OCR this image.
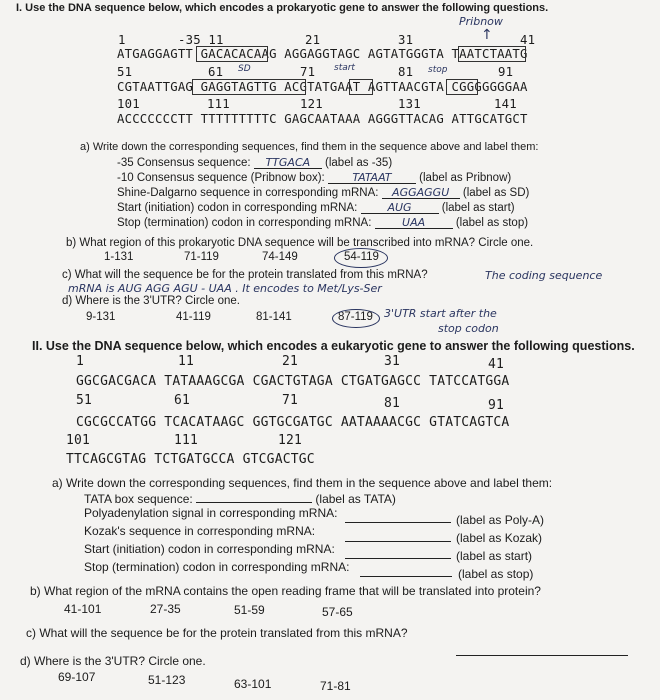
I. Use the DNA sequence below, which encodes a prokaryotic gene to answer the following questions.
Pribnow
1	-35 11	21	31	41
↑
ATGAGGAGTT GACACACAAG AGGAGGTAGC AGTATGGGTA TAATCTAATG
51	61	71	81	91
SD	start	stop
CGTAATTGAG GAGGTAGTTG ACGTATGAAT AGTTAACGTA CGGGGGGGAA
101	111	121	131	141
ACCCCCCCTT TTTTTTTTTC GAGCAATAAA AGGGTTACAG ATTGCATGCT
a) Write down the corresponding sequences, find them in the sequence above and label them:
-35 Consensus sequence: TTGACA (label as -35)
-10 Consensus sequence (Pribnow box):	TATAAT (label as Pribnow)
Shine-Dalgarno sequence in corresponding mRNA: AGGAGGU (label as SD)
Start (initiation) codon in corresponding mRNA:	AUG	(label as start)
Stop (termination) codon in corresponding mRNA:	UAA	(label as stop)
b) What region of this prokaryotic DNA sequence will be transcribed into mRNA? Circle one.
1-131	71-119	74-149	54-119
c) What will the sequence be for the protein translated from this mRNA?	The coding sequence
mRNA is AUG AGG AGU - UAA . It encodes to Met/Lys-Ser
d) Where is the 3'UTR? Circle one.
9-131	41-119	81-141	87-119 3'UTR start after the
stop codon
II. Use the DNA sequence below, which encodes a eukaryotic gene to answer the following questions.
1	11	21	31	41
GGCGACGACA TATAAAGCGA CGACTGTAGA CTGATGAGCC TATCCATGGA
51	61	71	81	91
CGCGCCATGG TCACATAAGC GGTGCGATGC AATAAAACGC GTATCAGTCA
101	111	121
TTCAGCGTAG TCTGATGCCA GTCGACTGC
a) Write down the corresponding sequences, find them in the sequence above and label them:
TATA box sequence:	(label as TATA)
Polyadenylation signal in corresponding mRNA:	(label as Poly-A)
Kozak's sequence in corresponding mRNA:	(label as Kozak)
Start (initiation) codon in corresponding mRNA:	(label as start)
Stop (termination) codon in corresponding mRNA:	(label as stop)
b) What region of the mRNA contains the open reading frame that will be translated into protein?
41-101	27-35	51-59	57-65
c) What will the sequence be for the protein translated from this mRNA?
d) Where is the 3'UTR? Circle one.
69-107	51-123	63-101	71-81
